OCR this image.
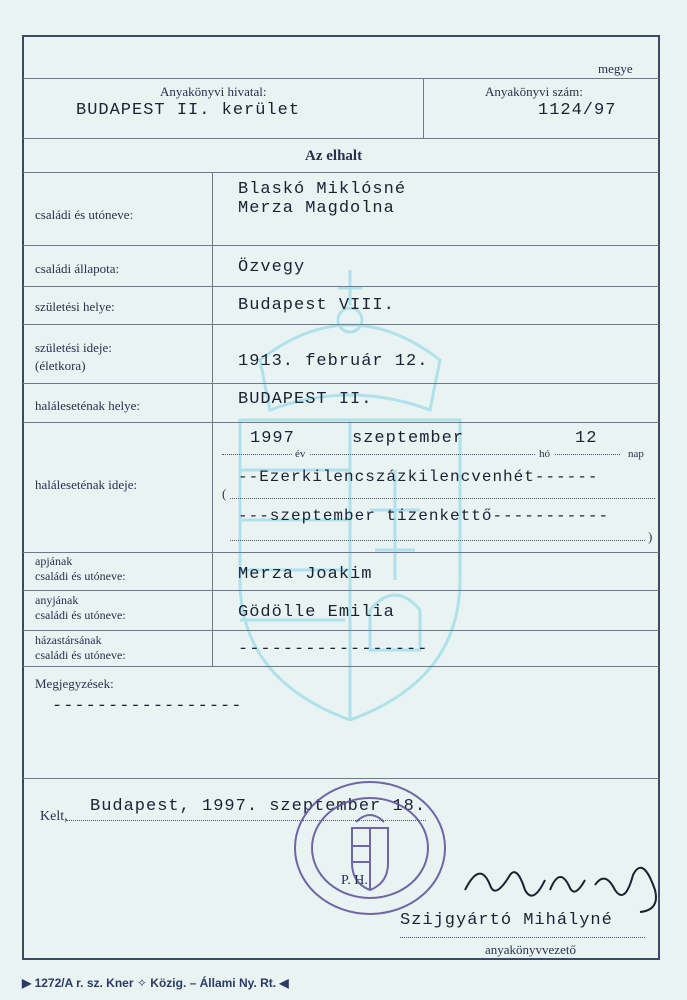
megye
Anyakönyvi hivatal:
BUDAPEST II. kerület
Anyakönyvi szám:
1124/97
Az elhalt
családi és utóneve:
Blaskó Miklósné
Merza Magdolna
családi állapota:	Özvegy
születési helye:	Budapest VIII.
születési ideje:
(életkora)	1913. február 12.
haláleseténak helye:	BUDAPEST II.
haláleseténak ideje:
1997	szeptember	12
év	hó	nap
--Ezerkilencszázkilencvenhét------
(
---szeptember tizenkettő-----------
)
apjának
családi és utóneve:	Merza Joakim
anyjának
családi és utóneve:	Gödölle Emilia
házastársának
családi és utóneve:	-----------------
Megjegyzések:
-----------------
Kelt,
Budapest, 1997. szeptember 18.
P. H.
Szijgyártó Mihályné
anyakönyvvezető
▶ 1272/A r. sz. Kner ✧ Közig. – Állami Ny. Rt. ◀
